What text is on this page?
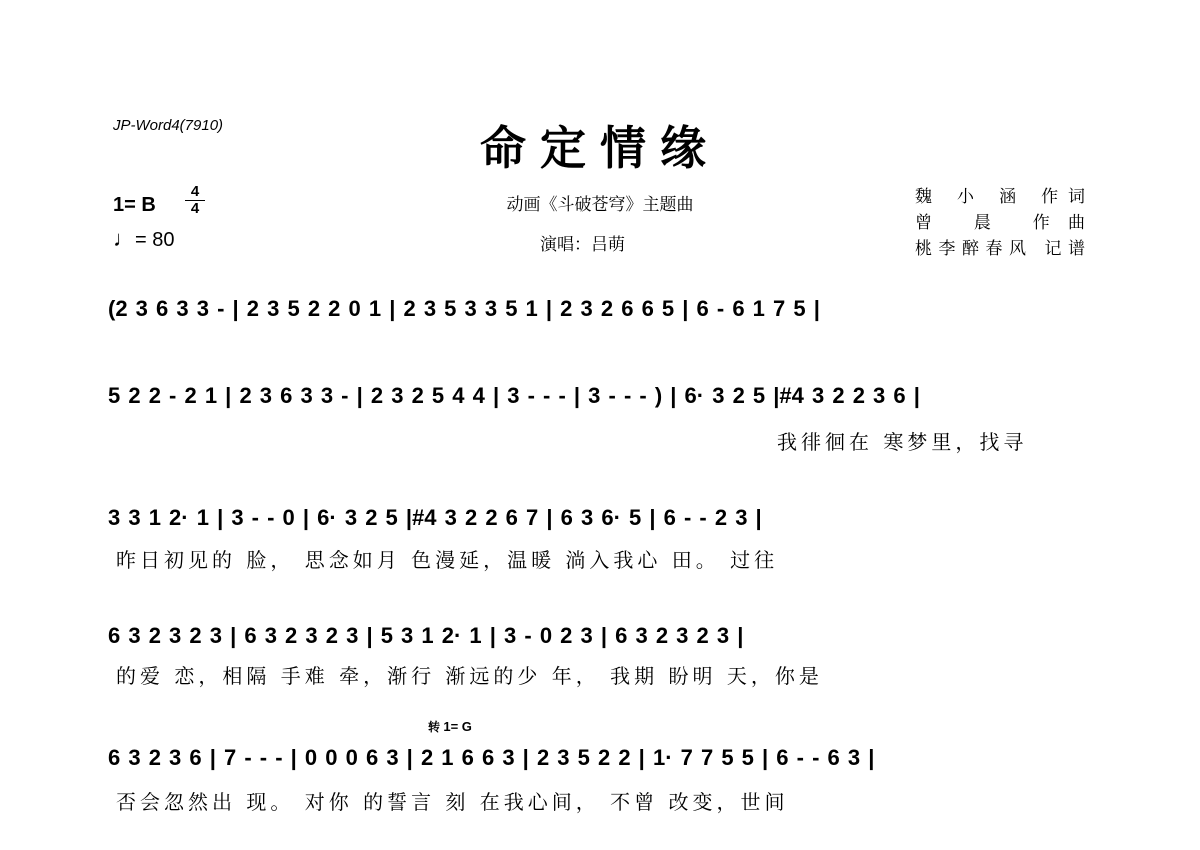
JP-Word4(7910)	命定情缘
动画《斗破苍穹》主题曲
演唱：吕萌
魏 小 涵 作词
曾 晨 作曲
桃李醉春风 记谱
1= B
4
4
♩= 80
(2 3 6 3 3 - | 2 3 5 2 2 0 1 | 2 3 5 3 3 5 1 | 2 3 2 6 6 5 | 6 - 6 1 7 5 |
5 2 2 - 2 1 | 2 3 6 3 3 - | 2 3 2 5 4 4 | 3 - - - | 3 - - - ) | 6· 3 2 5 |#4 3 2 2 3 6 |
我徘徊在 寒梦里，找寻
3 3 1 2· 1 | 3 - - 0 | 6· 3 2 5 |#4 3 2 2 6 7 | 6 3 6· 5 | 6 - - 2 3 |
昨日初见的 脸， 思念如月 色漫延，温暖 淌入我心 田。 过往
6 3 2 3 2 3 | 6 3 2 3 2 3 | 5 3 1 2· 1 | 3 - 0 2 3 | 6 3 2 3 2 3 |
的爱 恋，相隔 手难 牵，渐行 渐远的少 年， 我期 盼明 天，你是
转 1= G
6 3 2 3 6 | 7 - - - | 0 0 0 6 3 | 2 1 6 6 3 | 2 3 5 2 2 | 1· 7 7 5 5 | 6 - - 6 3 |
否会忽然出 现。 对你 的誓言 刻 在我心间， 不曾 改变，世间
